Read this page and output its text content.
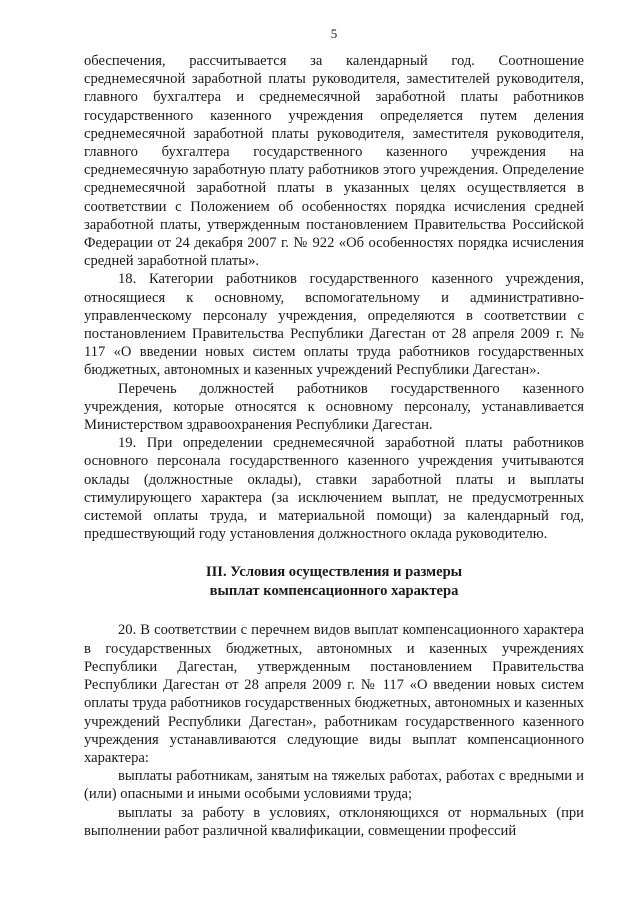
5

обеспечения, рассчитывается за календарный год. Соотношение среднемесячной заработной платы руководителя, заместителей руководителя, главного бухгалтера и среднемесячной заработной платы работников государственного казенного учреждения определяется путем деления среднемесячной заработной платы руководителя, заместителя руководителя, главного бухгалтера государственного казенного учреждения на среднемесячную заработную плату работников этого учреждения. Определение среднемесячной заработной платы в указанных целях осуществляется в соответствии с Положением об особенностях порядка исчисления средней заработной платы, утвержденным постановлением Правительства Российской Федерации от 24 декабря 2007 г. № 922 «Об особенностях порядка исчисления средней заработной платы».

18. Категории работников государственного казенного учреждения, относящиеся к основному, вспомогательному и административно-управленческому персоналу учреждения, определяются в соответствии с постановлением Правительства Республики Дагестан от 28 апреля 2009 г. № 117 «О введении новых систем оплаты труда работников государственных бюджетных, автономных и казенных учреждений Республики Дагестан».

Перечень должностей работников государственного казенного учреждения, которые относятся к основному персоналу, устанавливается Министерством здравоохранения Республики Дагестан.

19. При определении среднемесячной заработной платы работников основного персонала государственного казенного учреждения учитываются оклады (должностные оклады), ставки заработной платы и выплаты стимулирующего характера (за исключением выплат, не предусмотренных системой оплаты труда, и материальной помощи) за календарный год, предшествующий году установления должностного оклада руководителю.

III. Условия осуществления и размеры
выплат компенсационного характера

20. В соответствии с перечнем видов выплат компенсационного характера в государственных бюджетных, автономных и казенных учреждениях Республики Дагестан, утвержденным постановлением Правительства Республики Дагестан от 28 апреля 2009 г. № 117 «О введении новых систем оплаты труда работников государственных бюджетных, автономных и казенных учреждений Республики Дагестан», работникам государственного казенного учреждения устанавливаются следующие виды выплат компенсационного характера:

выплаты работникам, занятым на тяжелых работах, работах с вредными и (или) опасными и иными особыми условиями труда;

выплаты за работу в условиях, отклоняющихся от нормальных (при выполнении работ различной квалификации, совмещении профессий
